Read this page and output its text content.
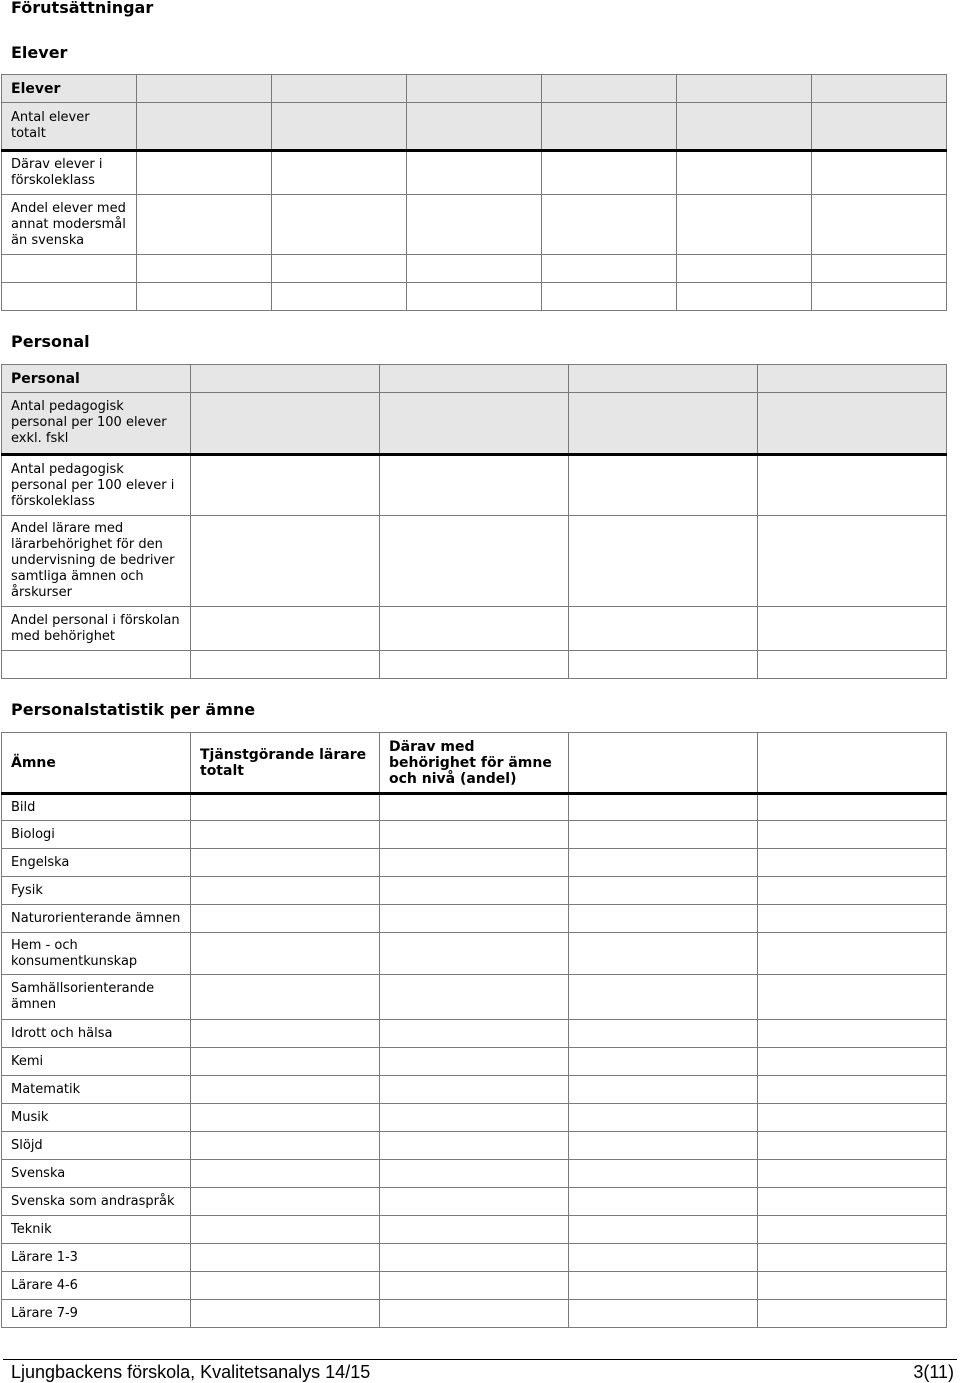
Förutsättningar
Elever
Elever						
Antal elever totalt						
Därav elever i förskoleklass						
Andel elever med annat modersmål än svenska						

Personal
Personal				
Antal pedagogisk personal per 100 elever exkl. fskl				
Antal pedagogisk personal per 100 elever i förskoleklass				
Andel lärare med lärarbehörighet för den undervisning de bedriver samtliga ämnen och årskurser				
Andel personal i förskolan med behörighet				

Personalstatistik per ämne
Ämne	Tjänstgörande lärare totalt	Därav med behörighet för ämne och nivå (andel)		
Bild				
Biologi				
Engelska				
Fysik				
Naturorienterande ämnen				
Hem - och konsumentkunskap				
Samhällsorienterande ämnen				
Idrott och hälsa				
Kemi				
Matematik				
Musik				
Slöjd				
Svenska				
Svenska som andraspråk				
Teknik				
Lärare 1-3				
Lärare 4-6				
Lärare 7-9				
Ljungbackens förskola, Kvalitetsanalys 14/15	3(11)
